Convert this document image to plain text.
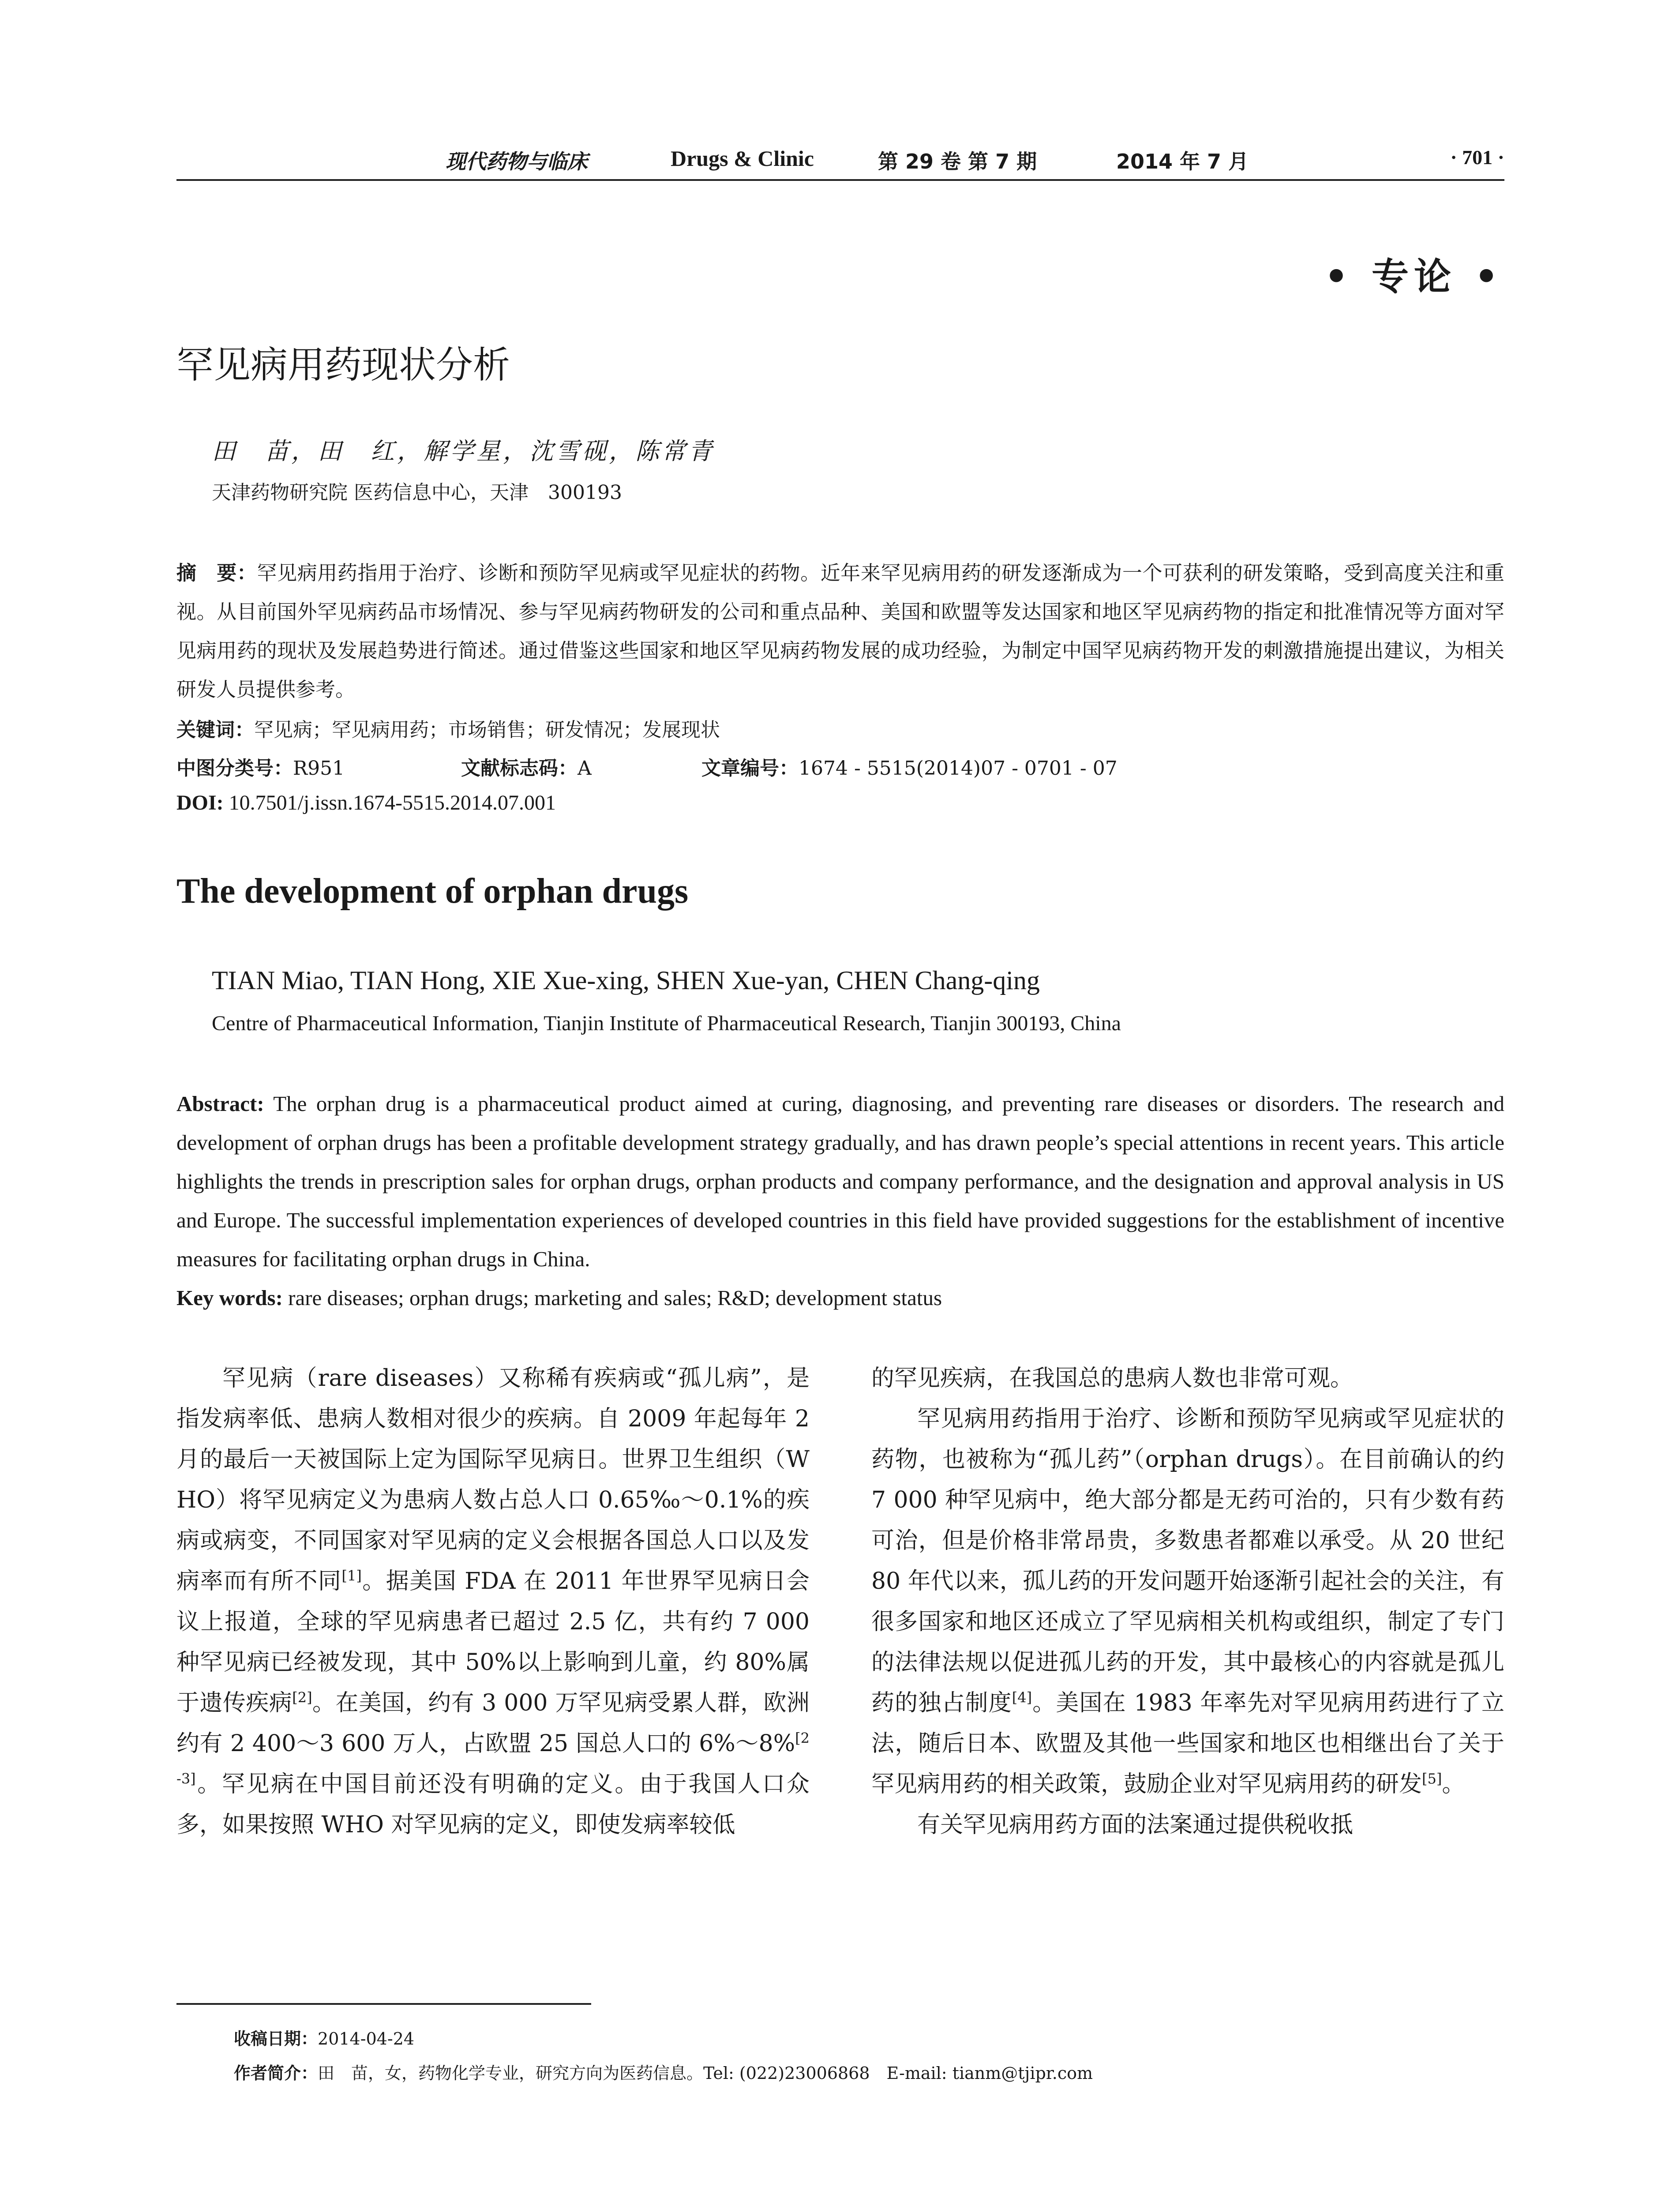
现代药物与临床	Drugs & Clinic	第 29 卷 第 7 期	2014 年 7 月	· 701 ·
• 专论 •
罕见病用药现状分析
田　苗，田　红，解学星，沈雪砚，陈常青
天津药物研究院 医药信息中心，天津　300193
摘　要：罕见病用药指用于治疗、诊断和预防罕见病或罕见症状的药物。近年来罕见病用药的研发逐渐成为一个可获利的研发策略，受到高度关注和重视。从目前国外罕见病药品市场情况、参与罕见病药物研发的公司和重点品种、美国和欧盟等发达国家和地区罕见病药物的指定和批准情况等方面对罕见病用药的现状及发展趋势进行简述。通过借鉴这些国家和地区罕见病药物发展的成功经验，为制定中国罕见病药物开发的刺激措施提出建议，为相关研发人员提供参考。
关键词：罕见病；罕见病用药；市场销售；研发情况；发展现状
中图分类号：R951	文献标志码：A	文章编号：1674 - 5515(2014)07 - 0701 - 07
DOI: 10.7501/j.issn.1674-5515.2014.07.001
The development of orphan drugs
TIAN Miao, TIAN Hong, XIE Xue-xing, SHEN Xue-yan, CHEN Chang-qing
Centre of Pharmaceutical Information, Tianjin Institute of Pharmaceutical Research, Tianjin 300193, China
Abstract: The orphan drug is a pharmaceutical product aimed at curing, diagnosing, and preventing rare diseases or disorders. The research and development of orphan drugs has been a profitable development strategy gradually, and has drawn people’s special attentions in recent years. This article highlights the trends in prescription sales for orphan drugs, orphan products and company performance, and the designation and approval analysis in US and Europe. The successful implementation experiences of developed countries in this field have provided suggestions for the establishment of incentive measures for facilitating orphan drugs in China.
Key words: rare diseases; orphan drugs; marketing and sales; R&D; development status

罕见病（rare diseases）又称稀有疾病或“孤儿病”，是指发病率低、患病人数相对很少的疾病。自 2009 年起每年 2 月的最后一天被国际上定为国际罕见病日。世界卫生组织（WHO）将罕见病定义为患病人数占总人口 0.65‰～0.1%的疾病或病变，不同国家对罕见病的定义会根据各国总人口以及发病率而有所不同[1]。据美国 FDA 在 2011 年世界罕见病日会议上报道，全球的罕见病患者已超过 2.5 亿，共有约 7 000 种罕见病已经被发现，其中 50%以上影响到儿童，约 80%属于遗传疾病[2]。在美国，约有 3 000 万罕见病受累人群，欧洲约有 2 400～3 600 万人，占欧盟 25 国总人口的 6%～8%[2-3]。罕见病在中国目前还没有明确的定义。由于我国人口众多，如果按照 WHO 对罕见病的定义，即使发病率较低

的罕见疾病，在我国总的患病人数也非常可观。

罕见病用药指用于治疗、诊断和预防罕见病或罕见症状的药物，也被称为“孤儿药”（orphan drugs）。在目前确认的约 7 000 种罕见病中，绝大部分都是无药可治的，只有少数有药可治，但是价格非常昂贵，多数患者都难以承受。从 20 世纪 80 年代以来，孤儿药的开发问题开始逐渐引起社会的关注，有很多国家和地区还成立了罕见病相关机构或组织，制定了专门的法律法规以促进孤儿药的开发，其中最核心的内容就是孤儿药的独占制度[4]。美国在 1983 年率先对罕见病用药进行了立法，随后日本、欧盟及其他一些国家和地区也相继出台了关于罕见病用药的相关政策，鼓励企业对罕见病用药的研发[5]。

有关罕见病用药方面的法案通过提供税收抵

收稿日期：2014-04-24
作者简介：田　苗，女，药物化学专业，研究方向为医药信息。Tel: (022)23006868　E-mail: tianm@tjipr.com
